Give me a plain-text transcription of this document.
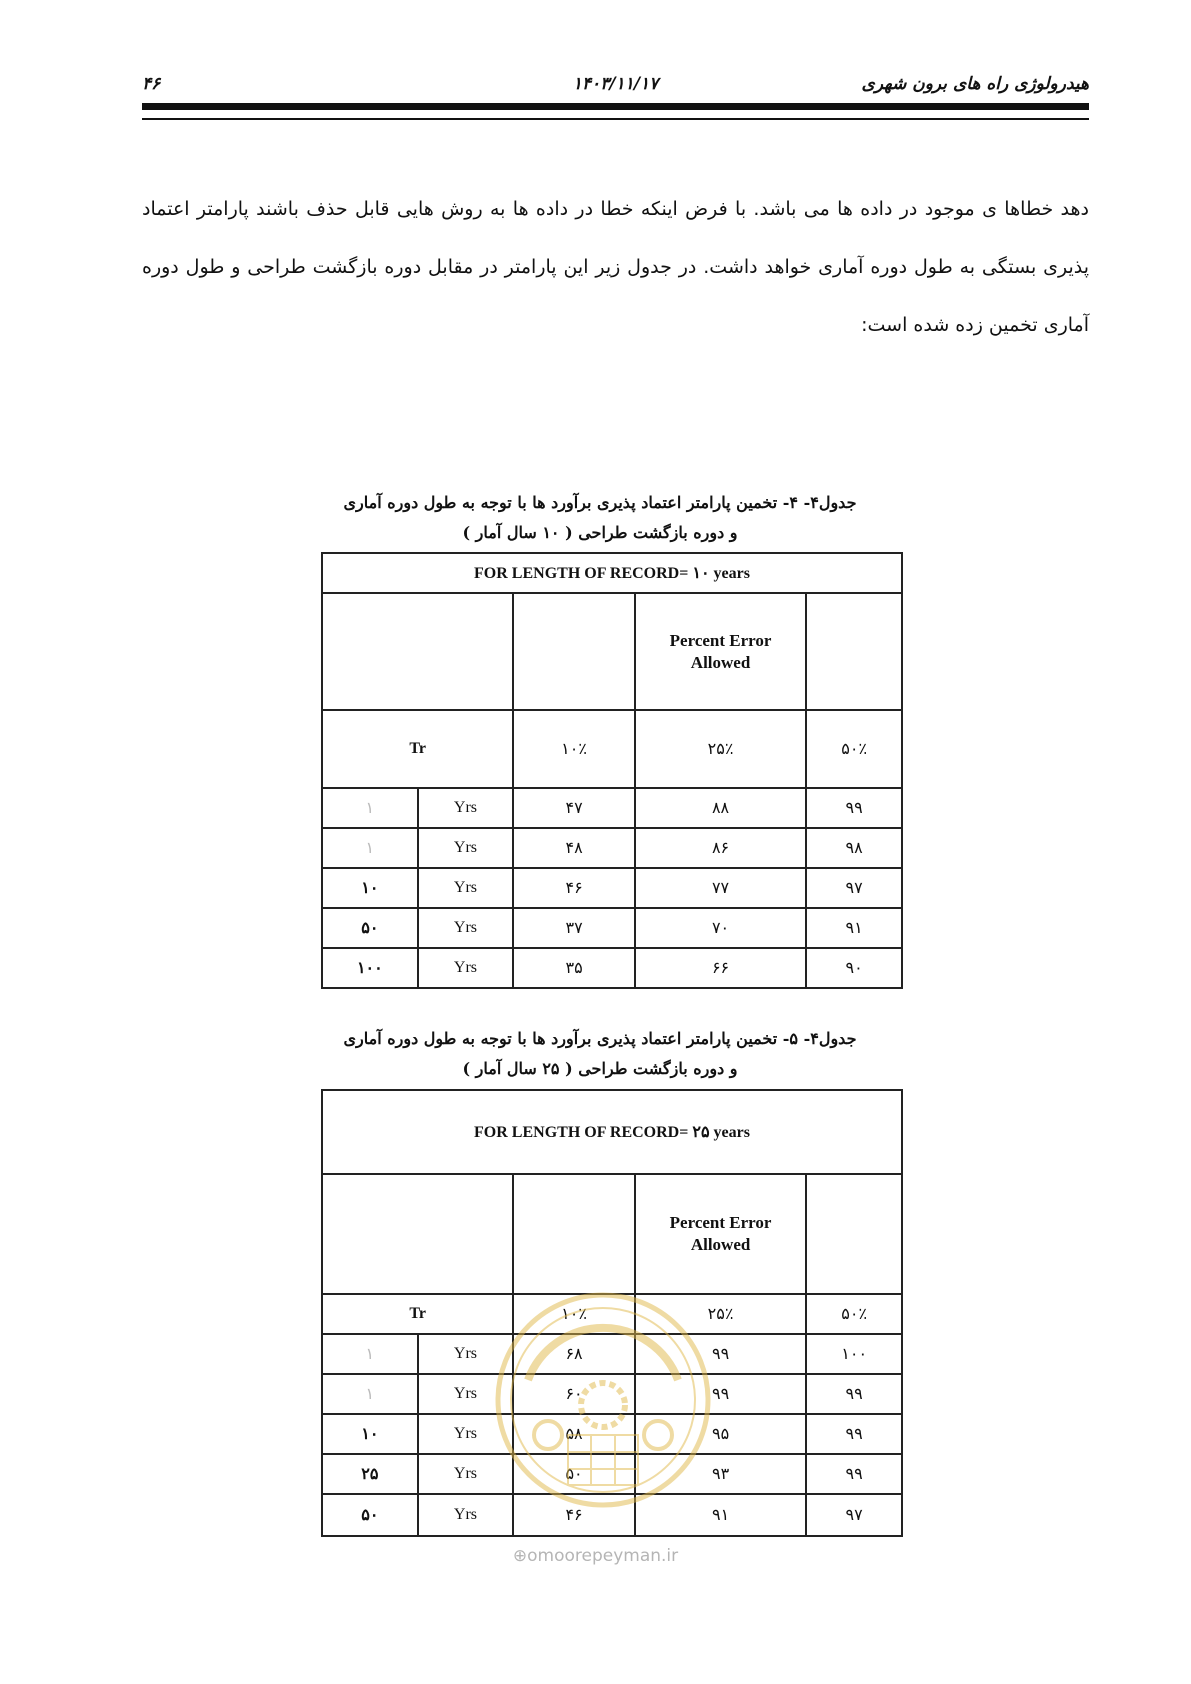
۴۶	۱۴۰۳/۱۱/۱۷	هیدرولوژی راه های برون شهری
دهد خطاها ی موجود در داده ها می باشد. با فرض اینکه خطا در داده ها به روش هایی قابل حذف باشند پارامتر اعتماد پذیری بستگی به طول دوره آماری خواهد داشت. در جدول زیر این پارامتر در مقابل دوره بازگشت طراحی و طول دوره آماری تخمین زده شده است:
جدول۴- ۴- تخمین پارامتر اعتماد پذیری برآورد ها با توجه به طول دوره آماری
و دوره بازگشت طراحی ( ۱۰ سال آمار )
FOR LENGTH OF RECORD= ۱۰ years				

			Percent Error
Allowed	

Tr		۱۰٪	۲۵٪	۵۰٪
۱	Yrs	۴۷	۸۸	۹۹
۱	Yrs	۴۸	۸۶	۹۸
۱۰	Yrs	۴۶	۷۷	۹۷
۵۰	Yrs	۳۷	۷۰	۹۱
۱۰۰	Yrs	۳۵	۶۶	۹۰
جدول۴- ۵- تخمین پارامتر اعتماد پذیری برآورد ها با توجه به طول دوره آماری
و دوره بازگشت طراحی ( ۲۵ سال آمار )
FOR LENGTH OF RECORD= ۲۵ years				

			Percent Error
Allowed	

Tr		۱۰٪	۲۵٪	۵۰٪
۱	Yrs	۶۸	۹۹	۱۰۰
۱	Yrs	۶۰	۹۹	۹۹
۱۰	Yrs	۵۸	۹۵	۹۹
۲۵	Yrs	۵۰	۹۳	۹۹
۵۰	Yrs	۴۶	۹۱	۹۷
⊕omoorepeyman.ir
